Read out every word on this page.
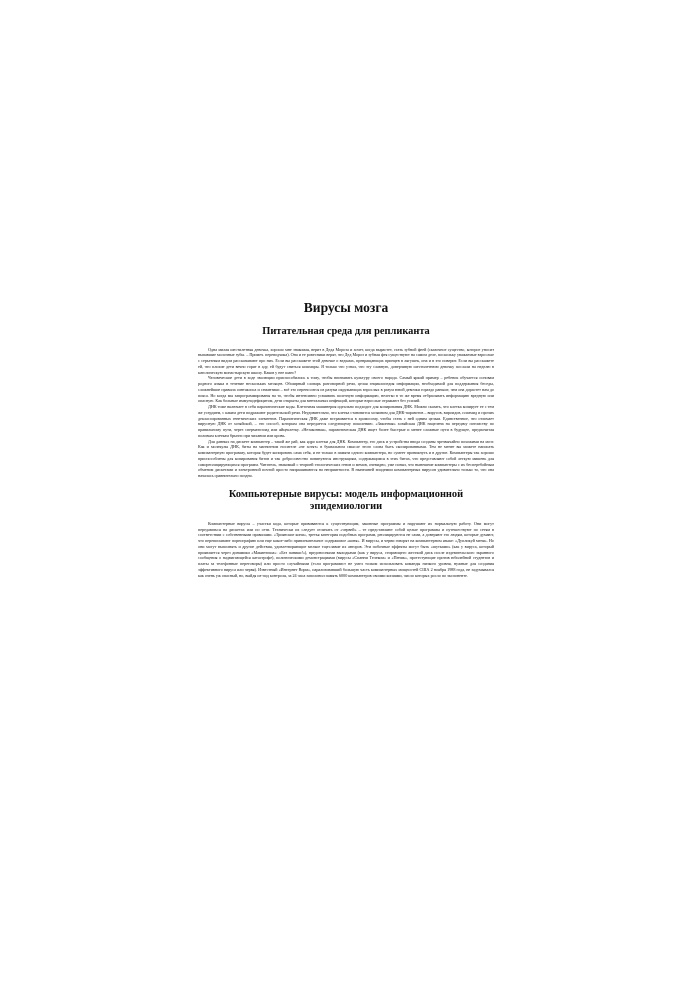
Вирусы мозга
Питательная среда для репликанта

Одна милая шестилетняя девочка, хорошо мне знакомая, верит в Деда Мороза и хочет, когда вырастет, стать зубной феей (сказочное существо, которое уносит выпавшие молочные зубы. – Примеч. переводчика). Она и ее ровесники верят, что Дед Мороз и зубная фея существуют на самом деле, поскольку уважаемые взрослые с серьезным видом рассказывают про них. Если вы расскажете этой девочке о ведьмах, превращающих принцев в лягушек, она и в это поверит. Если вы расскажете ей, что плохие дети вечно горят в аду, ей будут сниться кошмары. Я только что узнал, что эту славную, доверчивую шестилетнюю девочку послали на неделю в католическую монастырскую школу. Каков у нее шанс?

Человеческие дети в ходе эволюции приспособились к тому, чтобы впитывать культуру своего народа. Самый яркий пример – ребенок обучается основам родного языка в течение нескольких месяцев. Обширный словарь разговорной речи, целая энциклопедия информации, необходимой для поддержания беседы, сложнейшие правила синтаксиса и семантики – всё это переносится из разума окружающих взрослых в разум юной девочки гораздо раньше, чем она дорастет нам до пояса. Но когда мы запрограммированы на то, чтобы интенсивно усваивать полезную информацию, нелегко в то же время отбрасывать информацию вредную или опасную. Как больные иммунодефицитом, дети открыты для ментальных инфекций, которые взрослые отражают без усилий.

ДНК тоже включает в себя паразитические коды. Клеточная машинерия идеально подходит для копирования ДНК. Можно сказать, что клетка копирует ее с тем же усердием, с каким дети подражают родительской речи. Неудивительно, что клетка становится хозяином для ДНК-паразитов – вирусов, вироидов, плазмид и прочих деклассированных генетических элементов. Паразитическая ДНК даже встраивается в хромосому, чтобы стать с ней одним целым. Единственное, что отличает вирусную ДНК от хозяйской, – это способ, которым она передается следующему поколению. «Законная» хозяйская ДНК нацелена на передачу потомству по правильному пути, через сперматозоид или яйцеклетку. «Незаконная», паразитическая ДНК ищет более быстрые и менее сложные пути в будущее, предпочитая половым клеткам брызги при чихании или кровь.

Для данных на дискете компьютер – такой же рай, как ядро клетки для ДНК. Компьютер, его диск и устройства ввода созданы чрезвычайно похожими на мозг. Как и молекулы ДНК, биты на магнитном носителе «не хотят» в буквальном смысле этого слова быть скопированными. Тем не менее вы можете написать компьютерную программу, которая будет копировать сама себя, и не только в памяти одного компьютера, но сумеет проникнуть и в другие. Компьютеры так хорошо приспособлены для копирования битов и так добросовестно повинуются инструкциям, содержащимся в этих битах, что представляют собой легкую мишень для самореплицирующихся программ. Читатель, знакомый с теорией этологических генов и мемов, очевидно, уже понял, что нынешние компьютеры с их бесперебойным обменом дискетами и электронной почтой просто напрашиваются на неприятности. В нынешней эпидемии компьютерных вирусов удивительно только то, что она началась сравнительно поздно.

Компьютерные вирусы: модель информационной эпидемиологии

Компьютерные вирусы – участки кода, которые прививаются к существующим, законные программы и нарушают их нормальную работу. Они могут передаваться на дискетах или по сети. Технически их следует отличать от «червей» – те представляют собой целые программы и путешествуют по сетям в соответствии с собственными правилами. «Троянские кони», третья категория подобных программ, реплицируются не сами, а доверяют это людям, которые думают, что переписывают порнографию или еще какое-либо привлекательное содержимое «коня». И вирусы, и черви говорят на компьютерном языке: «Дупликуй меня». Но они могут выполнять и другие действия, удовлетворяющие мелкое тщеславие их авторов. Эти побочные эффекты могут быть «шутками» (как у вируса, который проявляется через динамики «Макинтоша»: «Без паники!»), вредоносными выходками (как у вируса, стирающего жесткий диск после издевательского экранного сообщения о надвигающейся катастрофе), политическими демонстрациями (вирусы «Спанни Телеком» и «Пеник», протестующие против юбилейной студентов и платы за телефонные переговоры) или просто случайными (если программист не умел толком использовать команды низкого уровня, нужные для создания эффективного вируса или червя). Известный «Интернет Ворм», парализовавший большую часть компьютерных мощностей США 2 ноября 1988 года, не задумывался как очень уж опасный, но, выйдя из-под контроля, за 24 часа заполонил память 6000 компьютеров своими копиями, число которых росло по экспоненте.
